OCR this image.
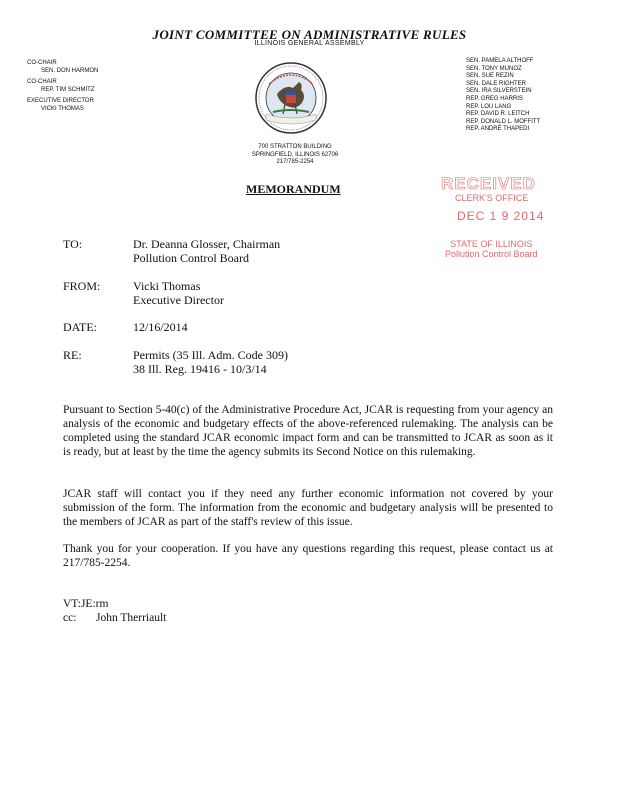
JOINT COMMITTEE ON ADMINISTRATIVE RULES
ILLINOIS GENERAL ASSEMBLY
CO-CHAIR
SEN. DON HARMON
CO-CHAIR
REP. TIM SCHMITZ
EXECUTIVE DIRECTOR
VICKI THOMAS
SEN. PAMELA ALTHOFF
SEN. TONY MUNOZ
SEN. SUE REZIN
SEN. DALE RIGHTER
SEN. IRA SILVERSTEIN
REP. GREG HARRIS
REP. LOU LANG
REP. DAVID R. LEITCH
REP. DONALD L. MOFFITT
REP. ANDRÉ THAPEDI
700 STRATTON BUILDING
SPRINGFIELD, ILLINOIS 62706
217/785-2254
MEMORANDUM	RECEIVED
CLERK'S OFFICE
DEC 1 9 2014
STATE OF ILLINOIS
Pollution Control Board
TO:	Dr. Deanna Glosser, Chairman
Pollution Control Board
FROM:	Vicki Thomas
Executive Director
DATE:	12/16/2014
RE:	Permits (35 Ill. Adm. Code 309)
38 Ill. Reg. 19416 - 10/3/14
Pursuant to Section 5-40(c) of the Administrative Procedure Act, JCAR is requesting from your agency an analysis of the economic and budgetary effects of the above-referenced rulemaking. The analysis can be completed using the standard JCAR economic impact form and can be transmitted to JCAR as soon as it is ready, but at least by the time the agency submits its Second Notice on this rulemaking.
JCAR staff will contact you if they need any further economic information not covered by your submission of the form. The information from the economic and budgetary analysis will be presented to the members of JCAR as part of the staff's review of this issue.
Thank you for your cooperation. If you have any questions regarding this request, please contact us at 217/785-2254.
VT:JE:rm
cc: John Therriault
